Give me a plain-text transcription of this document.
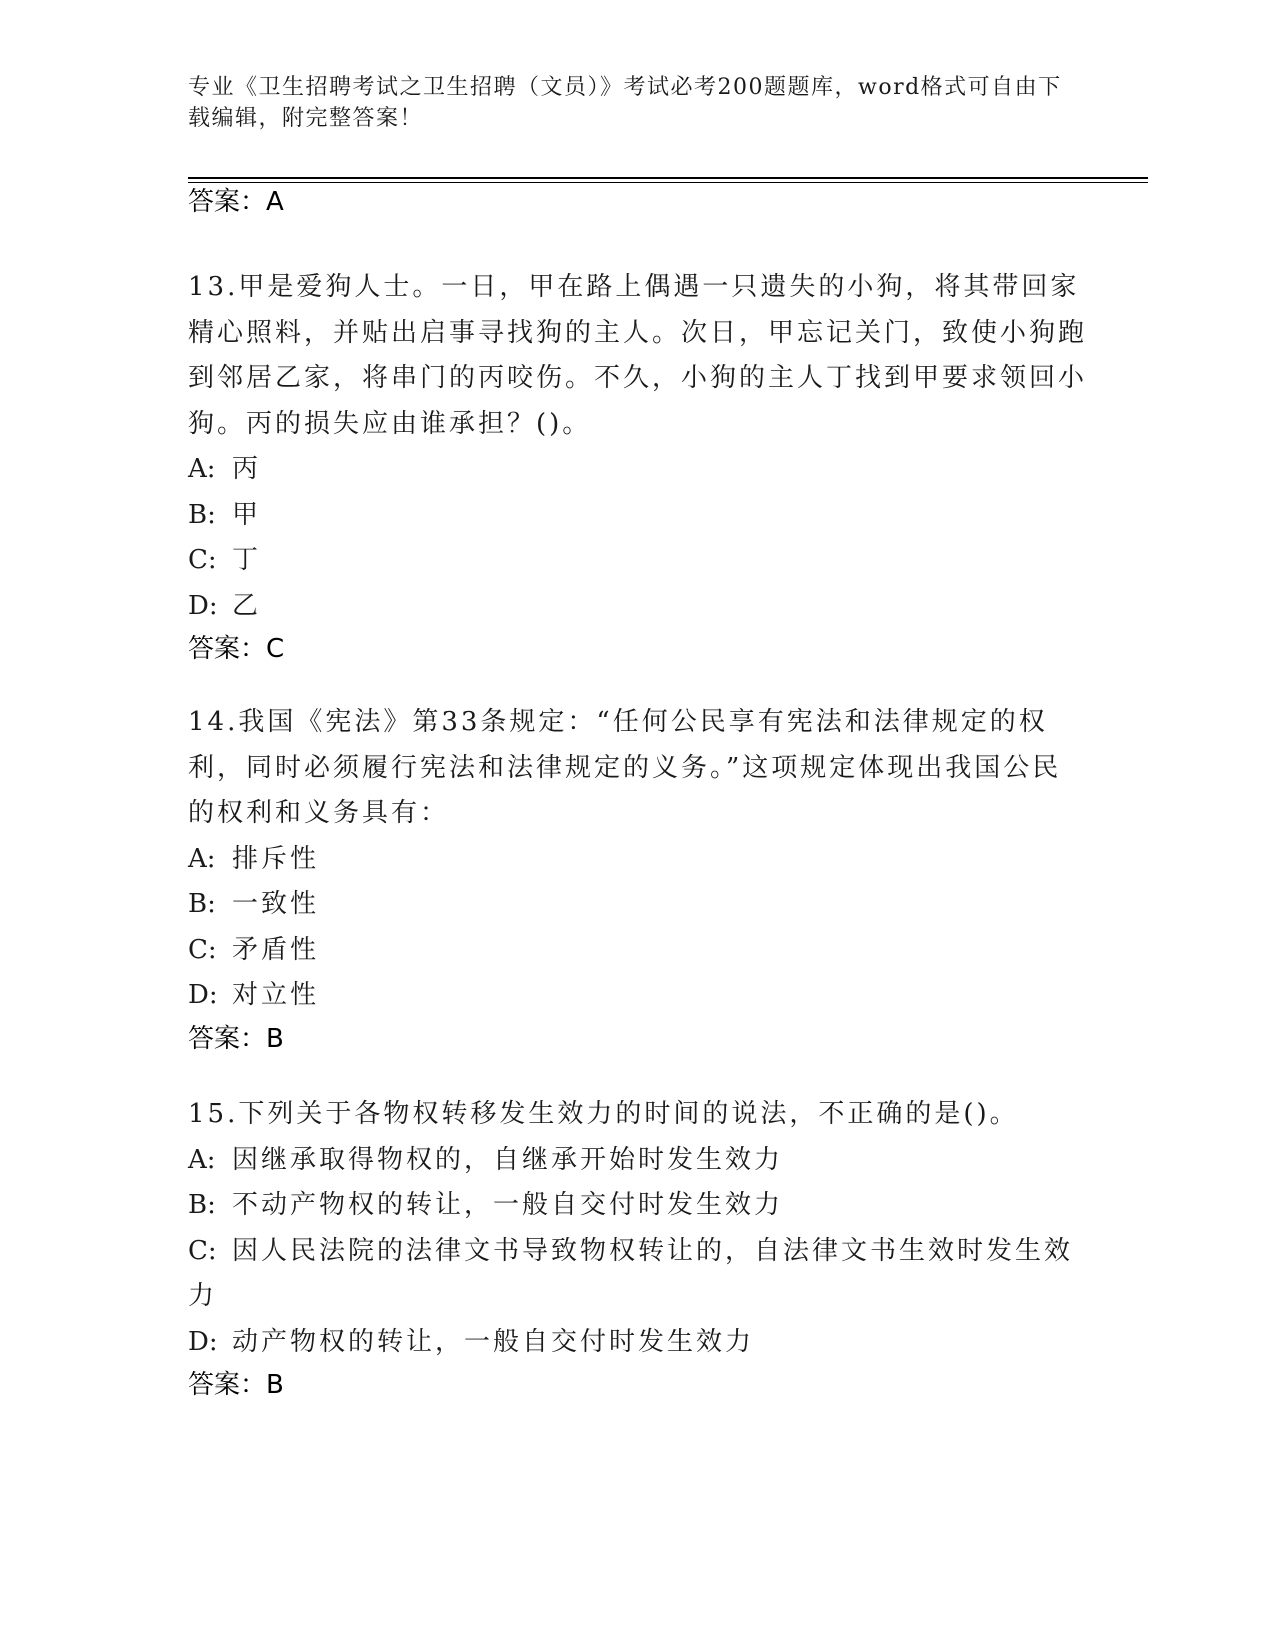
专业《卫生招聘考试之卫生招聘（文员）》考试必考200题题库，word格式可自由下载编辑，附完整答案！
答案：A

13.甲是爱狗人士。一日，甲在路上偶遇一只遗失的小狗，将其带回家精心照料，并贴出启事寻找狗的主人。次日，甲忘记关门，致使小狗跑到邻居乙家，将串门的丙咬伤。不久，小狗的主人丁找到甲要求领回小狗。丙的损失应由谁承担？()。

A: 丙
B: 甲
C: 丁
D: 乙
答案：C

14.我国《宪法》第33条规定：“任何公民享有宪法和法律规定的权利，同时必须履行宪法和法律规定的义务。”这项规定体现出我国公民的权利和义务具有：

A: 排斥性
B: 一致性
C: 矛盾性
D: 对立性
答案：B

15.下列关于各物权转移发生效力的时间的说法，不正确的是()。

A: 因继承取得物权的，自继承开始时发生效力
B: 不动产物权的转让，一般自交付时发生效力
C: 因人民法院的法律文书导致物权转让的，自法律文书生效时发生效力
D: 动产物权的转让，一般自交付时发生效力
答案：B
